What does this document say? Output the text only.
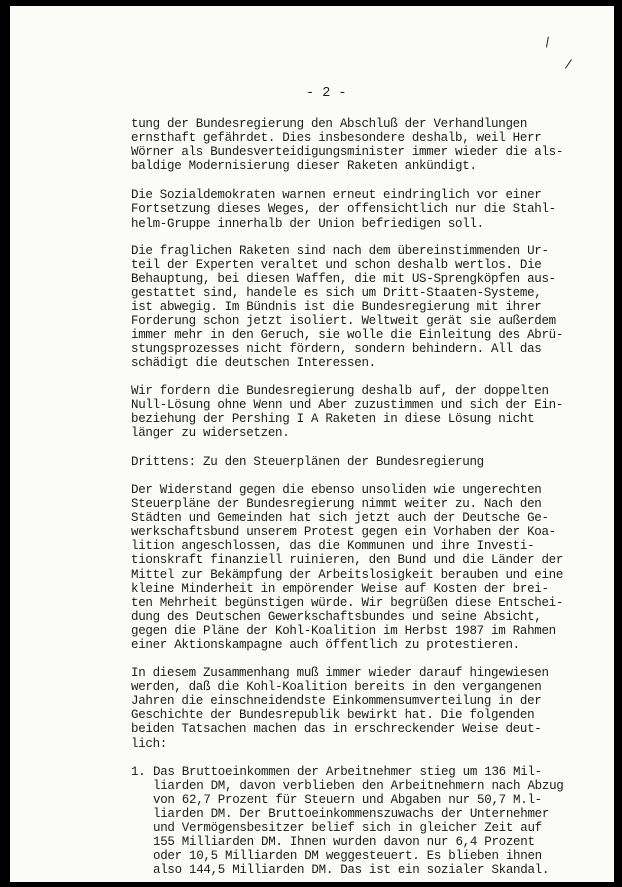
\
\
- 2 -
tung der Bundesregierung den Abschluß der Verhandlungen
ernsthaft gefährdet. Dies insbesondere deshalb, weil Herr
Wörner als Bundesverteidigungsminister immer wieder die als-
baldige Modernisierung dieser Raketen ankündigt.
Die Sozialdemokraten warnen erneut eindringlich vor einer
Fortsetzung dieses Weges, der offensichtlich nur die Stahl-
helm-Gruppe innerhalb der Union befriedigen soll.
Die fraglichen Raketen sind nach dem übereinstimmenden Ur-
teil der Experten veraltet und schon deshalb wertlos. Die
Behauptung, bei diesen Waffen, die mit US-Sprengköpfen aus-
gestattet sind, handele es sich um Dritt-Staaten-Systeme,
ist abwegig. Im Bündnis ist die Bundesregierung mit ihrer
Forderung schon jetzt isoliert. Weltweit gerät sie außerdem
immer mehr in den Geruch, sie wolle die Einleitung des Abrü-
stungsprozesses nicht fördern, sondern behindern. All das
schädigt die deutschen Interessen.
Wir fordern die Bundesregierung deshalb auf, der doppelten
Null-Lösung ohne Wenn und Aber zuzustimmen und sich der Ein-
beziehung der Pershing I A Raketen in diese Lösung nicht
länger zu widersetzen.
Drittens: Zu den Steuerplänen der Bundesregierung
Der Widerstand gegen die ebenso unsoliden wie ungerechten
Steuerpläne der Bundesregierung nimmt weiter zu. Nach den
Städten und Gemeinden hat sich jetzt auch der Deutsche Ge-
werkschaftsbund unserem Protest gegen ein Vorhaben der Koa-
lition angeschlossen, das die Kommunen und ihre Investi-
tionskraft finanziell ruinieren, den Bund und die Länder der
Mittel zur Bekämpfung der Arbeitslosigkeit berauben und eine
kleine Minderheit in empörender Weise auf Kosten der brei-
ten Mehrheit begünstigen würde. Wir begrüßen diese Entschei-
dung des Deutschen Gewerkschaftsbundes und seine Absicht,
gegen die Pläne der Kohl-Koalition im Herbst 1987 im Rahmen
einer Aktionskampagne auch öffentlich zu protestieren.
In diesem Zusammenhang muß immer wieder darauf hingewiesen
werden, daß die Kohl-Koalition bereits in den vergangenen
Jahren die einschneidendste Einkommensumverteilung in der
Geschichte der Bundesrepublik bewirkt hat. Die folgenden
beiden Tatsachen machen das in erschreckender Weise deut-
lich:
1. Das Bruttoeinkommen der Arbeitnehmer stieg um 136 Mil-
liarden DM, davon verblieben den Arbeitnehmern nach Abzug
von 62,7 Prozent für Steuern und Abgaben nur 50,7 M.l-
liarden DM. Der Bruttoeinkommenszuwachs der Unternehmer
und Vermögensbesitzer belief sich in gleicher Zeit auf
155 Milliarden DM. Ihnen wurden davon nur 6,4 Prozent
oder 10,5 Milliarden DM weggesteuert. Es blieben ihnen
also 144,5 Milliarden DM. Das ist ein sozialer Skandal.
